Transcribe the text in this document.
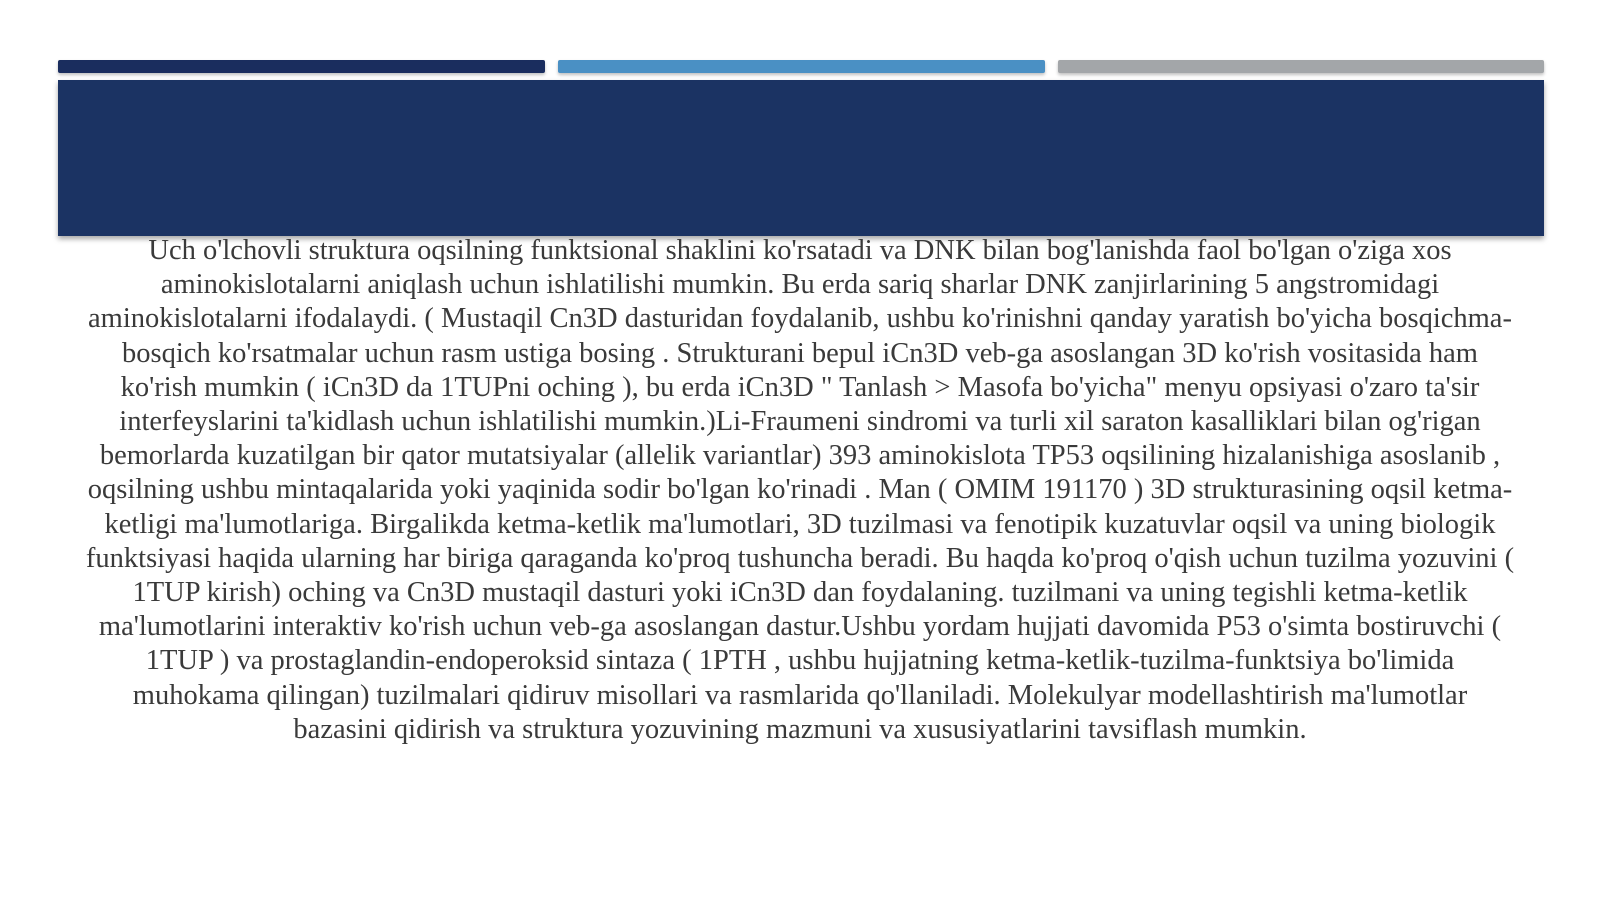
Uch o'lchovli struktura oqsilning funktsional shaklini ko'rsatadi va DNK bilan bog'lanishda faol bo'lgan o'ziga xos aminokislotalarni aniqlash uchun ishlatilishi mumkin. Bu erda sariq sharlar DNK zanjirlarining 5 angstromidagi aminokislotalarni ifodalaydi. ( Mustaqil Cn3D dasturidan foydalanib, ushbu ko'rinishni qanday yaratish bo'yicha bosqichma- bosqich ko'rsatmalar uchun rasm ustiga bosing . Strukturani bepul iCn3D veb-ga asoslangan 3D ko'rish vositasida ham ko'rish mumkin ( iCn3D da 1TUPni oching ), bu erda iCn3D " Tanlash > Masofa bo'yicha" menyu opsiyasi o'zaro ta'sir interfeyslarini ta'kidlash uchun ishlatilishi mumkin.)Li-Fraumeni sindromi va turli xil saraton kasalliklari bilan og'rigan bemorlarda kuzatilgan bir qator mutatsiyalar (allelik variantlar) 393 aminokislota TP53 oqsilining hizalanishiga asoslanib , oqsilning ushbu mintaqalarida yoki yaqinida sodir bo'lgan ko'rinadi . Man ( OMIM 191170 ) 3D strukturasining oqsil ketma-ketligi ma'lumotlariga. Birgalikda ketma-ketlik ma'lumotlari, 3D tuzilmasi va fenotipik kuzatuvlar oqsil va uning biologik funktsiyasi haqida ularning har biriga qaraganda ko'proq tushuncha beradi. Bu haqda ko'proq o'qish uchun tuzilma yozuvini ( 1TUP kirish) oching va Cn3D mustaqil dasturi yoki iCn3D dan foydalaning. tuzilmani va uning tegishli ketma-ketlik ma'lumotlarini interaktiv ko'rish uchun veb-ga asoslangan dastur.Ushbu yordam hujjati davomida P53 o'simta bostiruvchi ( 1TUP ) va prostaglandin-endoperoksid sintaza ( 1PTH , ushbu hujjatning ketma-ketlik-tuzilma-funktsiya bo'limida muhokama qilingan) tuzilmalari qidiruv misollari va rasmlarida qo'llaniladi. Molekulyar modellashtirish ma'lumotlar bazasini qidirish va struktura yozuvining mazmuni va xususiyatlarini tavsiflash mumkin.
